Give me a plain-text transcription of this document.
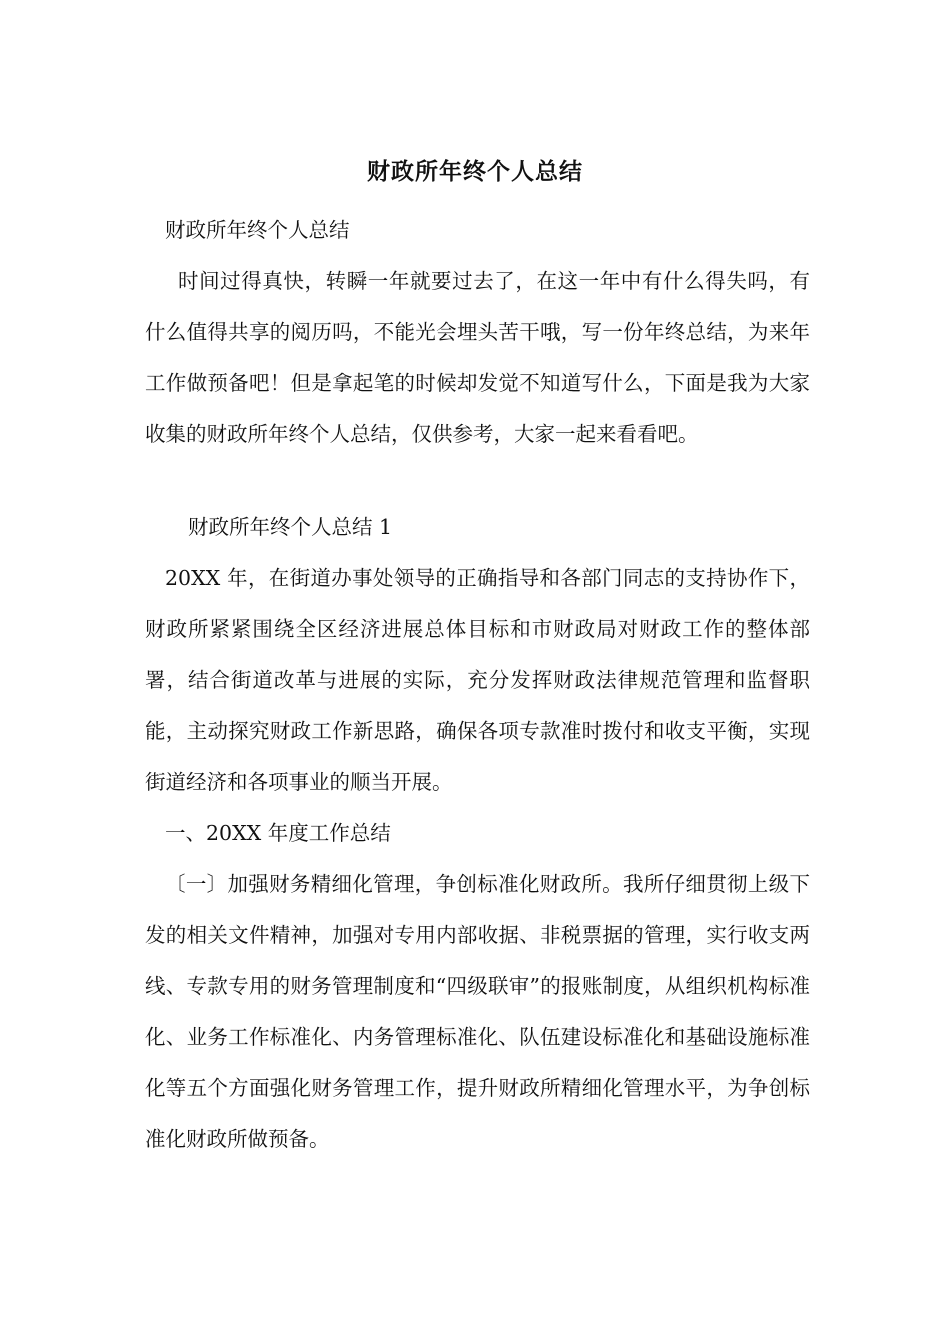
财政所年终个人总结

财政所年终个人总结

时间过得真快，转瞬一年就要过去了，在这一年中有什么得失吗，有什么值得共享的阅历吗，不能光会埋头苦干哦，写一份年终总结，为来年工作做预备吧！但是拿起笔的时候却发觉不知道写什么，下面是我为大家收集的财政所年终个人总结，仅供参考，大家一起来看看吧。

财政所年终个人总结 1

20XX 年，在街道办事处领导的正确指导和各部门同志的支持协作下，财政所紧紧围绕全区经济进展总体目标和市财政局对财政工作的整体部署，结合街道改革与进展的实际，充分发挥财政法律规范管理和监督职能，主动探究财政工作新思路，确保各项专款准时拨付和收支平衡，实现街道经济和各项事业的顺当开展。

一、20XX 年度工作总结

〔一〕加强财务精细化管理，争创标准化财政所。我所仔细贯彻上级下发的相关文件精神，加强对专用内部收据、非税票据的管理，实行收支两线、专款专用的财务管理制度和“四级联审”的报账制度，从组织机构标准化、业务工作标准化、内务管理标准化、队伍建设标准化和基础设施标准化等五个方面强化财务管理工作，提升财政所精细化管理水平，为争创标准化财政所做预备。
